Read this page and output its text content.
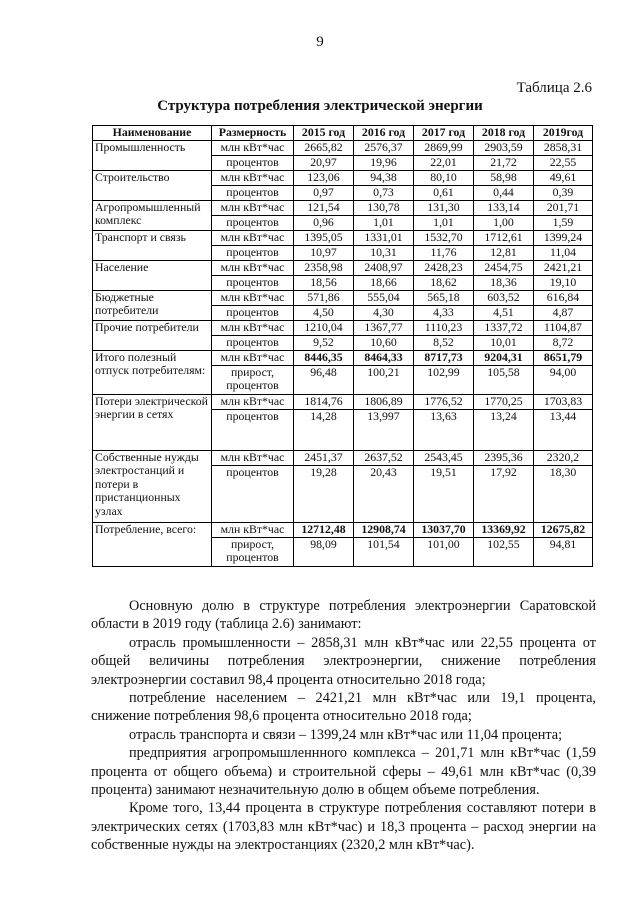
9
Таблица 2.6
Структура потребления электрической энергии
Наименование	Размерность	2015 год	2016 год	2017 год	2018 год	2019год
Промышленность	млн кВт*час	2665,82	2576,37	2869,99	2903,59	2858,31
	процентов	20,97	19,96	22,01	21,72	22,55
Строительство	млн кВт*час	123,06	94,38	80,10	58,98	49,61
	процентов	0,97	0,73	0,61	0,44	0,39
Агропромышленный комплекс	млн кВт*час	121,54	130,78	131,30	133,14	201,71
	процентов	0,96	1,01	1,01	1,00	1,59
Транспорт и связь	млн кВт*час	1395,05	1331,01	1532,70	1712,61	1399,24
	процентов	10,97	10,31	11,76	12,81	11,04
Население	млн кВт*час	2358,98	2408,97	2428,23	2454,75	2421,21
	процентов	18,56	18,66	18,62	18,36	19,10
Бюджетные потребители	млн кВт*час	571,86	555,04	565,18	603,52	616,84
	процентов	4,50	4,30	4,33	4,51	4,87
Прочие потребители	млн кВт*час	1210,04	1367,77	1110,23	1337,72	1104,87
	процентов	9,52	10,60	8,52	10,01	8,72
Итого полезный отпуск потребителям:	млн кВт*час	8446,35	8464,33	8717,73	9204,31	8651,79
	прирост, процентов	96,48	100,21	102,99	105,58	94,00
Потери электрической энергии в сетях	млн кВт*час	1814,76	1806,89	1776,52	1770,25	1703,83
	процентов	14,28	13,997	13,63	13,24	13,44
Собственные нужды электростанций и потери в пристанционных узлах	млн кВт*час	2451,37	2637,52	2543,45	2395,36	2320,2
	процентов	19,28	20,43	19,51	17,92	18,30
Потребление, всего:	млн кВт*час	12712,48	12908,74	13037,70	13369,92	12675,82
	прирост, процентов	98,09	101,54	101,00	102,55	94,81

Основную долю в структуре потребления электроэнергии Саратовской области в 2019 году (таблица 2.6) занимают:

отрасль промышленности – 2858,31 млн кВт*час или 22,55 процента от общей величины потребления электроэнергии, снижение потребления электроэнергии составил 98,4 процента относительно 2018 года;

потребление населением – 2421,21 млн кВт*час или 19,1 процента, снижение потребления 98,6 процента относительно 2018 года;

отрасль транспорта и связи – 1399,24 млн кВт*час или 11,04 процента;

предприятия агропромышленнного комплекса – 201,71 млн кВт*час (1,59 процента от общего объема) и строительной сферы – 49,61 млн кВт*час (0,39 процента) занимают незначительную долю в общем объеме потребления.

Кроме того, 13,44 процента в структуре потребления составляют потери в электрических сетях (1703,83 млн кВт*час) и 18,3 процента – расход энергии на собственные нужды на электростанциях (2320,2 млн кВт*час).
